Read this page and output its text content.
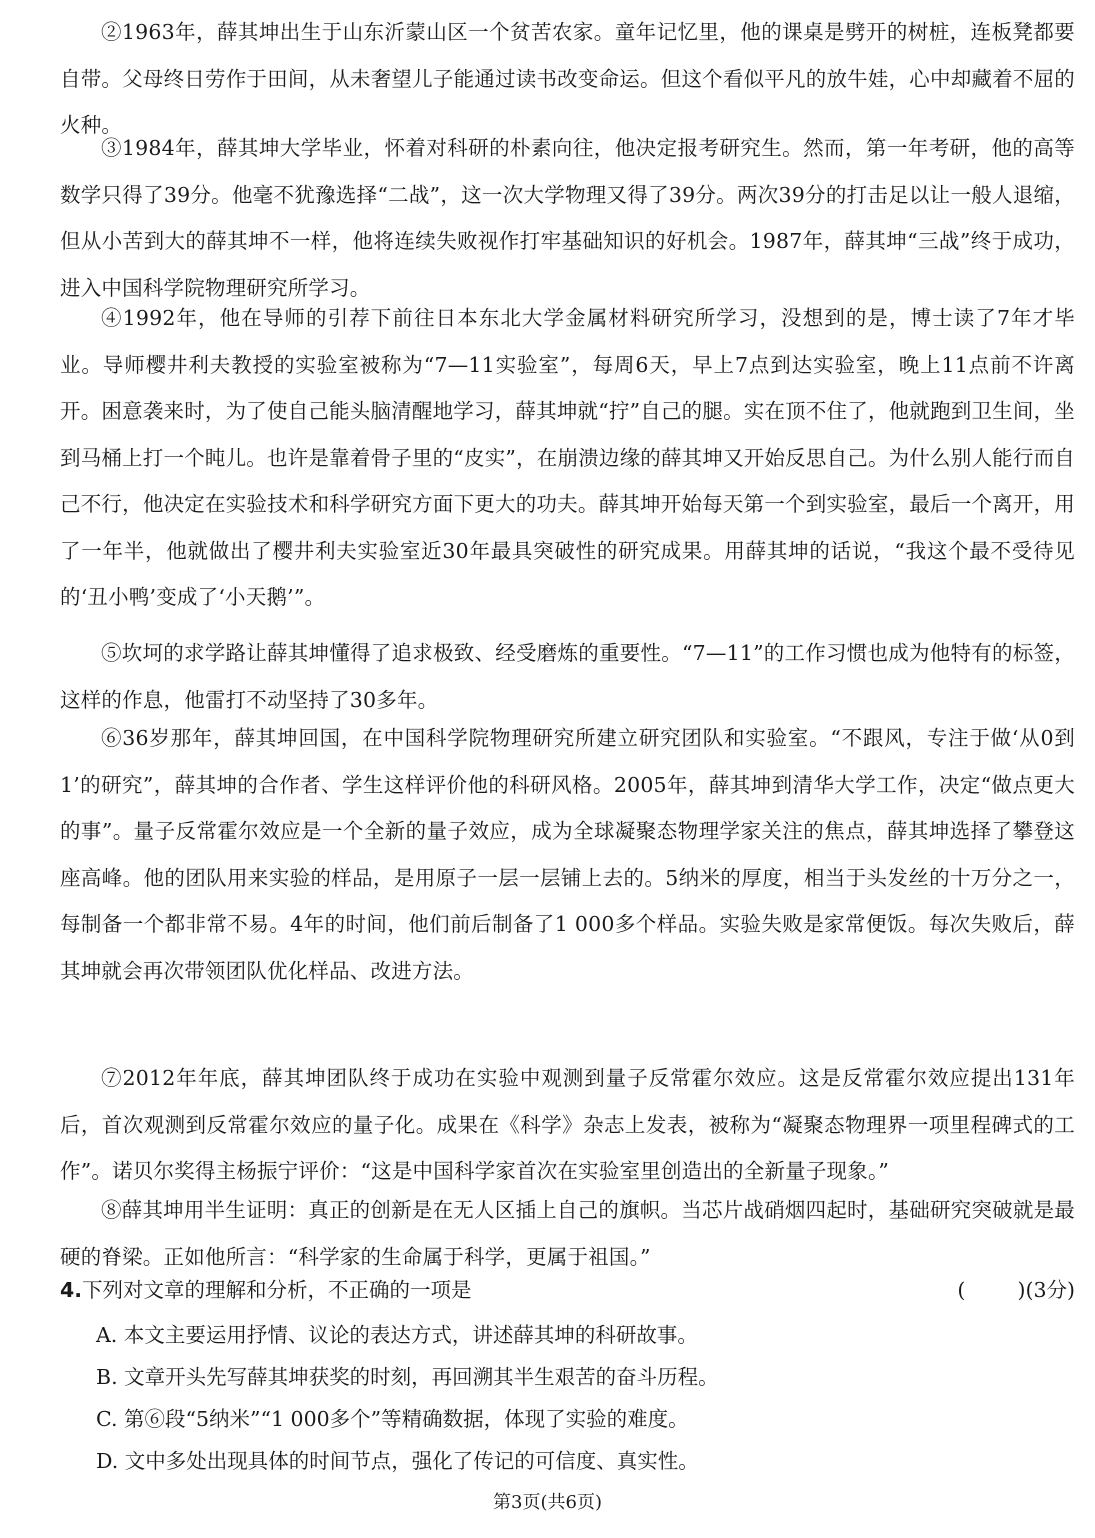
②1963年，薛其坤出生于山东沂蒙山区一个贫苦农家。童年记忆里，他的课桌是劈开的树桩，连板凳都要自带。父母终日劳作于田间，从未奢望儿子能通过读书改变命运。但这个看似平凡的放牛娃，心中却藏着不屈的火种。

③1984年，薛其坤大学毕业，怀着对科研的朴素向往，他决定报考研究生。然而，第一年考研，他的高等数学只得了39分。他毫不犹豫选择“二战”，这一次大学物理又得了39分。两次39分的打击足以让一般人退缩，但从小苦到大的薛其坤不一样，他将连续失败视作打牢基础知识的好机会。1987年，薛其坤“三战”终于成功，进入中国科学院物理研究所学习。

④1992年，他在导师的引荐下前往日本东北大学金属材料研究所学习，没想到的是，博士读了7年才毕业。导师樱井利夫教授的实验室被称为“7—11实验室”，每周6天，早上7点到达实验室，晚上11点前不许离开。困意袭来时，为了使自己能头脑清醒地学习，薛其坤就“拧”自己的腿。实在顶不住了，他就跑到卫生间，坐到马桶上打一个盹儿。也许是靠着骨子里的“皮实”，在崩溃边缘的薛其坤又开始反思自己。为什么别人能行而自己不行，他决定在实验技术和科学研究方面下更大的功夫。薛其坤开始每天第一个到实验室，最后一个离开，用了一年半，他就做出了樱井利夫实验室近30年最具突破性的研究成果。用薛其坤的话说，“我这个最不受待见的‘丑小鸭’变成了‘小天鹅’”。

⑤坎坷的求学路让薛其坤懂得了追求极致、经受磨炼的重要性。“7—11”的工作习惯也成为他特有的标签，这样的作息，他雷打不动坚持了30多年。

⑥36岁那年，薛其坤回国，在中国科学院物理研究所建立研究团队和实验室。“不跟风，专注于做‘从0到1’的研究”，薛其坤的合作者、学生这样评价他的科研风格。2005年，薛其坤到清华大学工作，决定“做点更大的事”。量子反常霍尔效应是一个全新的量子效应，成为全球凝聚态物理学家关注的焦点，薛其坤选择了攀登这座高峰。他的团队用来实验的样品，是用原子一层一层铺上去的。5纳米的厚度，相当于头发丝的十万分之一，每制备一个都非常不易。4年的时间，他们前后制备了1 000多个样品。实验失败是家常便饭。每次失败后，薛其坤就会再次带领团队优化样品、改进方法。

⑦2012年年底，薛其坤团队终于成功在实验中观测到量子反常霍尔效应。这是反常霍尔效应提出131年后，首次观测到反常霍尔效应的量子化。成果在《科学》杂志上发表，被称为“凝聚态物理界一项里程碑式的工作”。诺贝尔奖得主杨振宁评价：“这是中国科学家首次在实验室里创造出的全新量子现象。”

⑧薛其坤用半生证明：真正的创新是在无人区插上自己的旗帜。当芯片战硝烟四起时，基础研究突破就是最硬的脊梁。正如他所言：“科学家的生命属于科学，更属于祖国。”

4.下列对文章的理解和分析，不正确的一项是	(        )(3分)

A. 本文主要运用抒情、议论的表达方式，讲述薛其坤的科研故事。

B. 文章开头先写薛其坤获奖的时刻，再回溯其半生艰苦的奋斗历程。

C. 第⑥段“5纳米”“1 000多个”等精确数据，体现了实验的难度。

D. 文中多处出现具体的时间节点，强化了传记的可信度、真实性。

第3页(共6页)
